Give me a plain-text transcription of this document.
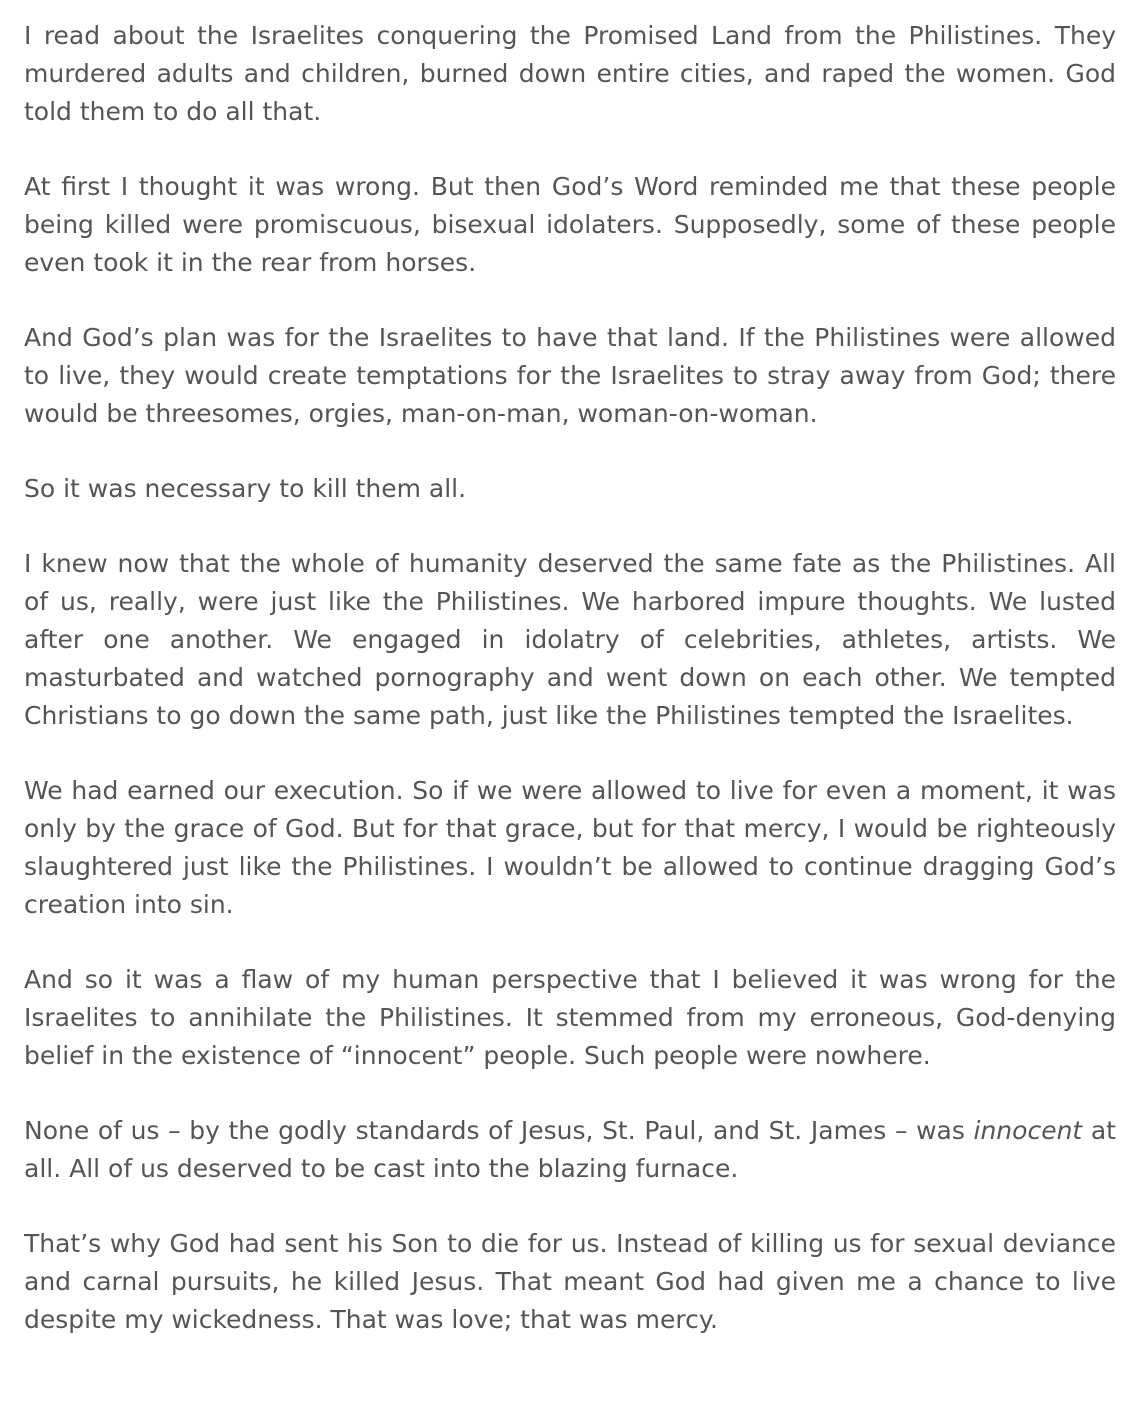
I read about the Israelites conquering the Promised Land from the Philistines. They murdered adults and children, burned down entire cities, and raped the women. God told them to do all that.

At first I thought it was wrong. But then God’s Word reminded me that these people being killed were promiscuous, bisexual idolaters. Supposedly, some of these people even took it in the rear from horses.

And God’s plan was for the Israelites to have that land. If the Philistines were allowed to live, they would create temptations for the Israelites to stray away from God; there would be threesomes, orgies, man-on-man, woman-on-woman.

So it was necessary to kill them all.

I knew now that the whole of humanity deserved the same fate as the Philistines. All of us, really, were just like the Philistines. We harbored impure thoughts. We lusted after one another. We engaged in idolatry of celebrities, athletes, artists. We masturbated and watched pornography and went down on each other. We tempted Christians to go down the same path, just like the Philistines tempted the Israelites.

We had earned our execution. So if we were allowed to live for even a moment, it was only by the grace of God. But for that grace, but for that mercy, I would be righteously slaughtered just like the Philistines. I wouldn’t be allowed to continue dragging God’s creation into sin.

And so it was a flaw of my human perspective that I believed it was wrong for the Israelites to annihilate the Philistines. It stemmed from my erroneous, God-denying belief in the existence of “innocent” people. Such people were nowhere.

None of us – by the godly standards of Jesus, St. Paul, and St. James – was innocent at all. All of us deserved to be cast into the blazing furnace.

That’s why God had sent his Son to die for us. Instead of killing us for sexual deviance and carnal pursuits, he killed Jesus. That meant God had given me a chance to live despite my wickedness. That was love; that was mercy.
